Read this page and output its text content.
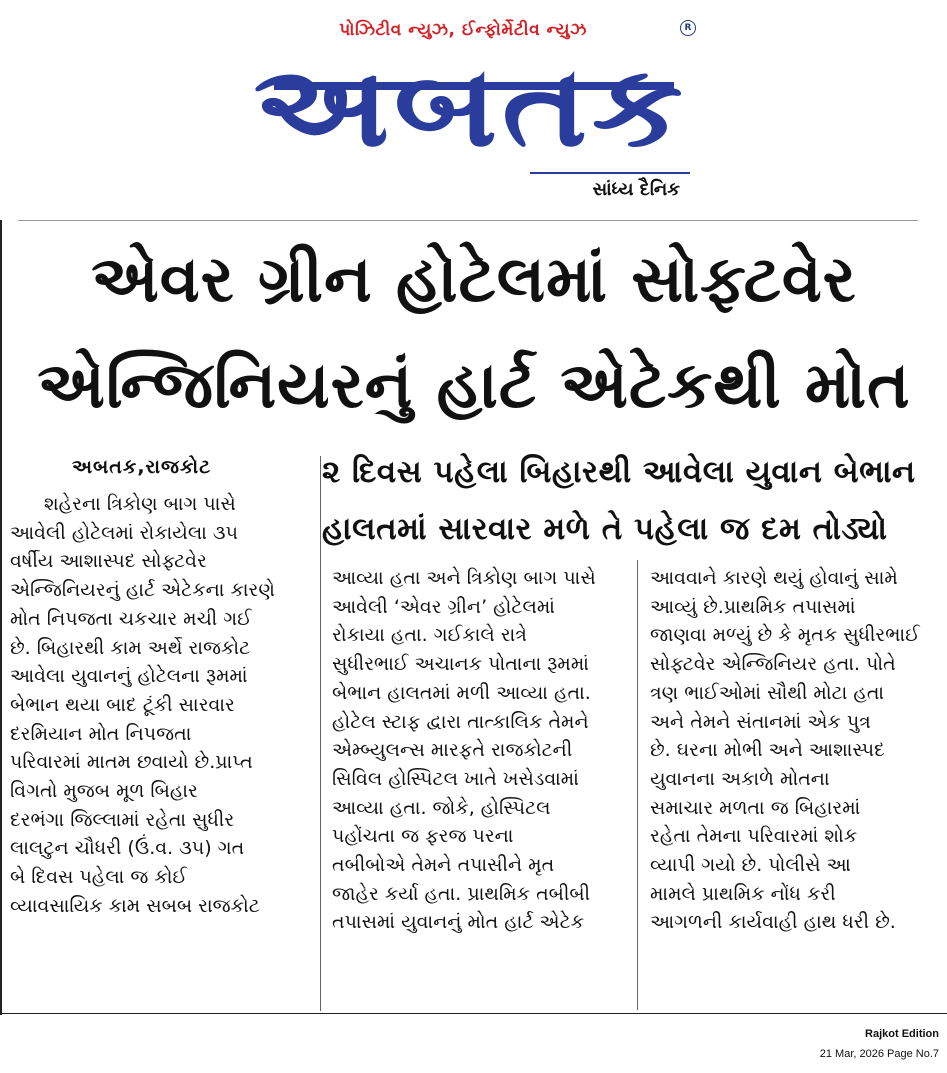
પોઝિટીવ ન્યુઝ, ઈન્ફોર્મેટીવ ન્યુઝ	R
અબતક
સાંધ્ય દૈનિક
એવર ગ્રીન હોટેલમાં સોફ્ટવેર
એન્જિનિયરનું હાર્ટ એટેકથી મોત
અબતક,રાજકોટ	૨ દિવસ પહેલા બિહારથી આવેલા યુવાન બેભાન
હાલતમાં સારવાર મળે તે પહેલા જ દમ તોડ્યો
શહેરના ત્રિકોણ બાગ પાસે
આવેલી હોટેલમાં રોકાયેલા ૩૫
વર્ષીય આશાસ્પદ સોફ્ટવેર
એન્જિનિયરનું હાર્ટ એટેકના કારણે
મોત નિપજતા ચકચાર મચી ગઈ
છે. બિહારથી કામ અર્થે રાજકોટ
આવેલા યુવાનનું હોટેલના રૂમમાં
બેભાન થયા બાદ ટૂંકી સારવાર
દરમિયાન મોત નિપજતા
પરિવારમાં માતમ છવાયો છે.પ્રાપ્ત
વિગતો મુજબ મૂળ બિહાર
દરભંગા જિલ્લામાં રહેતા સુધીર
લાલટુન ચૌધરી (ઉં.વ. ૩૫) ગત
બે દિવસ પહેલા જ કોઈ
વ્યાવસાયિક કામ સબબ રાજકોટ
આવ્યા હતા અને ત્રિકોણ બાગ પાસે
આવેલી ‘એવર ગ્રીન’ હોટેલમાં
રોકાયા હતા. ગઈકાલે રાત્રે
સુધીરભાઈ અચાનક પોતાના રૂમમાં
બેભાન હાલતમાં મળી આવ્યા હતા.
હોટેલ સ્ટાફ દ્વારા તાત્કાલિક તેમને
એમ્બ્યુલન્સ મારફતે રાજકોટની
સિવિલ હોસ્પિટલ ખાતે ખસેડવામાં
આવ્યા હતા. જોકે, હોસ્પિટલ
પહોંચતા જ ફરજ પરના
તબીબોએ તેમને તપાસીને મૃત
જાહેર કર્યા હતા. પ્રાથમિક તબીબી
તપાસમાં યુવાનનું મોત હાર્ટ એટેક
આવવાને કારણે થયું હોવાનું સામે
આવ્યું છે.પ્રાથમિક તપાસમાં
જાણવા મળ્યું છે કે મૃતક સુધીરભાઈ
સોફ્ટવેર એન્જિનિયર હતા. પોતે
ત્રણ ભાઈઓમાં સૌથી મોટા હતા
અને તેમને સંતાનમાં એક પુત્ર
છે. ઘરના મોભી અને આશાસ્પદ
યુવાનના અકાળે મોતના
સમાચાર મળતા જ બિહારમાં
રહેતા તેમના પરિવારમાં શોક
વ્યાપી ગયો છે. પોલીસે આ
મામલે પ્રાથમિક નોંધ કરી
આગળની કાર્યવાહી હાથ ધરી છે.
Rajkot Edition
21 Mar, 2026 Page No.7
